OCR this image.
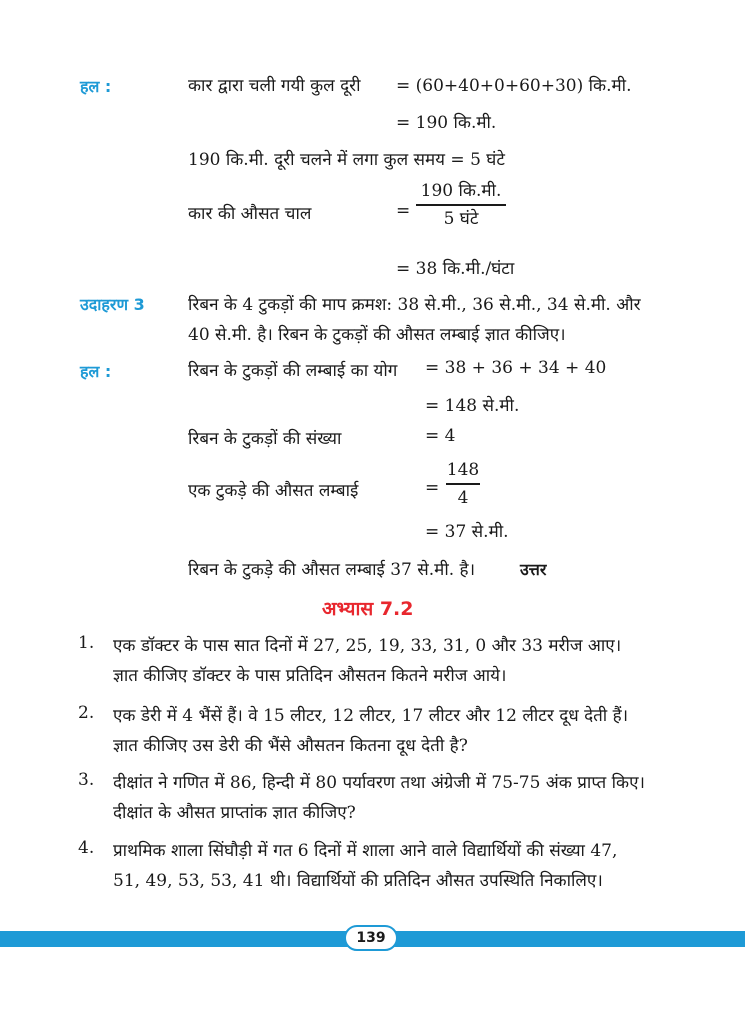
हल :	कार द्वारा चली गयी कुल दूरी = (60+40+0+60+30) कि.मी.
= 190 कि.मी.
190 कि.मी. दूरी चलने में लगा कुल समय = 5 घंटे
कार की औसत चाल	=
190 कि.मी.
5 घंटे
= 38 कि.मी./घंटा
उदाहरण 3	रिबन के 4 टुकड़ों की माप क्रमश: 38 से.मी., 36 से.मी., 34 से.मी. और
40 से.मी. है। रिबन के टुकड़ों की औसत लम्बाई ज्ञात कीजिए।
हल :	रिबन के टुकड़ों की लम्बाई का योग = 38 + 36 + 34 + 40
= 148 से.मी.
रिबन के टुकड़ों की संख्या	= 4
एक टुकड़े की औसत लम्बाई	=
148
4
= 37 से.मी.
रिबन के टुकड़े की औसत लम्बाई 37 से.मी. है।	उत्तर
अभ्यास 7.2
1. एक डॉक्टर के पास सात दिनों में 27, 25, 19, 33, 31, 0 और 33 मरीज आए।
ज्ञात कीजिए डॉक्टर के पास प्रतिदिन औसतन कितने मरीज आये।
2. एक डेरी में 4 भैंसें हैं। वे 15 लीटर, 12 लीटर, 17 लीटर और 12 लीटर दूध देती हैं।
ज्ञात कीजिए उस डेरी की भैंसे औसतन कितना दूध देती है?
3. दीक्षांत ने गणित में 86, हिन्दी में 80 पर्यावरण तथा अंग्रेजी में 75-75 अंक प्राप्त किए।
दीक्षांत के औसत प्राप्तांक ज्ञात कीजिए?
4. प्राथमिक शाला सिंघौड़ी में गत 6 दिनों में शाला आने वाले विद्यार्थियों की संख्या 47,
51, 49, 53, 53, 41 थी। विद्यार्थियों की प्रतिदिन औसत उपस्थिति निकालिए।
139
